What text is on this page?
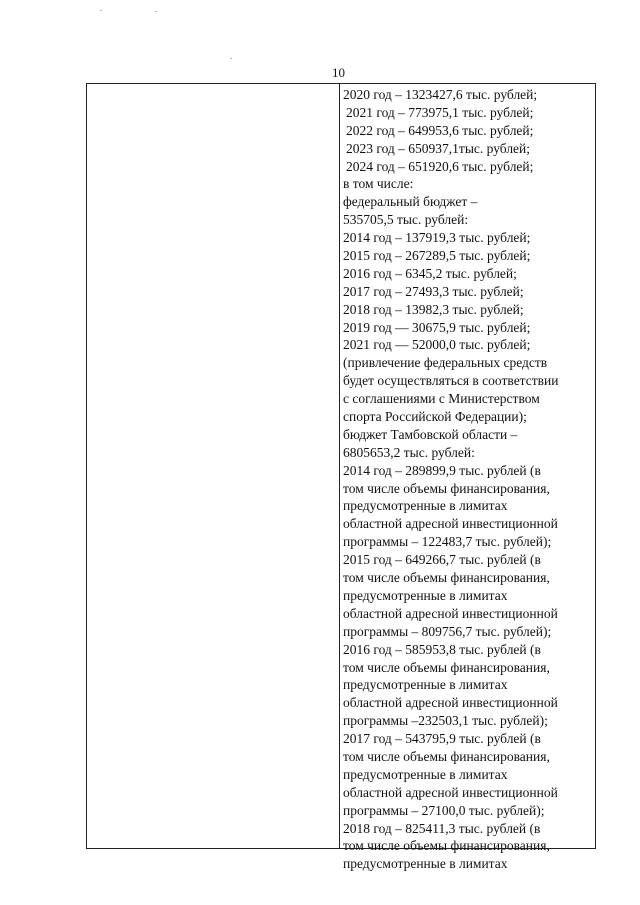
10
2020 год – 1323427,6 тыс. рублей;
2021 год – 773975,1 тыс. рублей;
2022 год – 649953,6 тыс. рублей;
2023 год – 650937,1тыс. рублей;
2024 год – 651920,6 тыс. рублей;
в том числе:
федеральный бюджет –
535705,5 тыс. рублей:
2014 год – 137919,3 тыс. рублей;
2015 год – 267289,5 тыс. рублей;
2016 год – 6345,2 тыс. рублей;
2017 год – 27493,3 тыс. рублей;
2018 год – 13982,3 тыс. рублей;
2019 год — 30675,9 тыс. рублей;
2021 год — 52000,0 тыс. рублей;
(привлечение федеральных средств
будет осуществляться в соответствии
с соглашениями с Министерством
спорта Российской Федерации);
бюджет Тамбовской области –
6805653,2 тыс. рублей:
2014 год – 289899,9 тыс. рублей (в
том числе объемы финансирования,
предусмотренные в лимитах
областной адресной инвестиционной
программы – 122483,7 тыс. рублей);
2015 год – 649266,7 тыс. рублей (в
том числе объемы финансирования,
предусмотренные в лимитах
областной адресной инвестиционной
программы – 809756,7 тыс. рублей);
2016 год – 585953,8 тыс. рублей (в
том числе объемы финансирования,
предусмотренные в лимитах
областной адресной инвестиционной
программы –232503,1 тыс. рублей);
2017 год – 543795,9 тыс. рублей (в
том числе объемы финансирования,
предусмотренные в лимитах
областной адресной инвестиционной
программы – 27100,0 тыс. рублей);
2018 год – 825411,3 тыс. рублей (в
том числе объемы финансирования,
предусмотренные в лимитах
